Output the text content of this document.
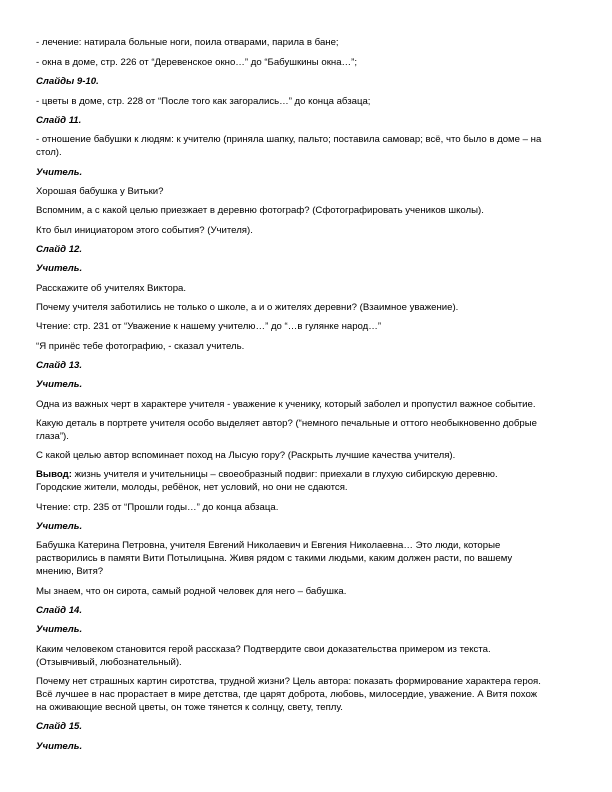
- лечение: натирала больные ноги, поила отварами, парила в бане;
- окна в доме, стр. 226 от “Деревенское окно…” до “Бабушкины окна…”;
Слайды 9-10.
- цветы в доме, стр. 228 от “После того как загорались…” до конца абзаца;
Слайд 11.
- отношение бабушки к людям: к учителю (приняла шапку, пальто; поставила самовар; всё, что было в доме – на
стол).
Учитель.
Хорошая бабушка у Витьки?
Вспомним, а с какой целью приезжает в деревню фотограф? (Сфотографировать учеников школы).
Кто был инициатором этого события? (Учителя).
Слайд 12.
Учитель.
Расскажите об учителях Виктора.
Почему учителя заботились не только о школе, а и о жителях деревни? (Взаимное уважение).
Чтение: стр. 231 от “Уважение к нашему учителю…” до “…в гулянке народ…”
“Я принёс тебе фотографию, - сказал учитель.
Слайд 13.
Учитель.
Одна из важных черт в характере учителя - уважение к ученику, который заболел и пропустил важное событие.
Какую деталь в портрете учителя особо выделяет автор? (“немного печальные и оттого необыкновенно добрые
глаза”).
С какой целью автор вспоминает поход на Лысую гору? (Раскрыть лучшие качества учителя).
Вывод: жизнь учителя и учительницы – своеобразный подвиг: приехали в глухую сибирскую деревню.
Городские жители, молоды, ребёнок, нет условий, но они не сдаются.
Чтение: стр. 235 от “Прошли годы…” до конца абзаца.
Учитель.
Бабушка Катерина Петровна, учителя Евгений Николаевич и Евгения Николаевна… Это люди, которые
растворились в памяти Вити Потылицына. Живя рядом с такими людьми, каким должен расти, по вашему
мнению, Витя?
Мы знаем, что он сирота, самый родной человек для него – бабушка.
Слайд 14.
Учитель.
Каким человеком становится герой рассказа? Подтвердите свои доказательства примером из текста.
(Отзывчивый, любознательный).
Почему нет страшных картин сиротства, трудной жизни? Цель автора: показать формирование характера героя.
Всё лучшее в нас прорастает в мире детства, где царят доброта, любовь, милосердие, уважение. А Витя похож
на оживающие весной цветы, он тоже тянется к солнцу, свету, теплу.
Слайд 15.
Учитель.
